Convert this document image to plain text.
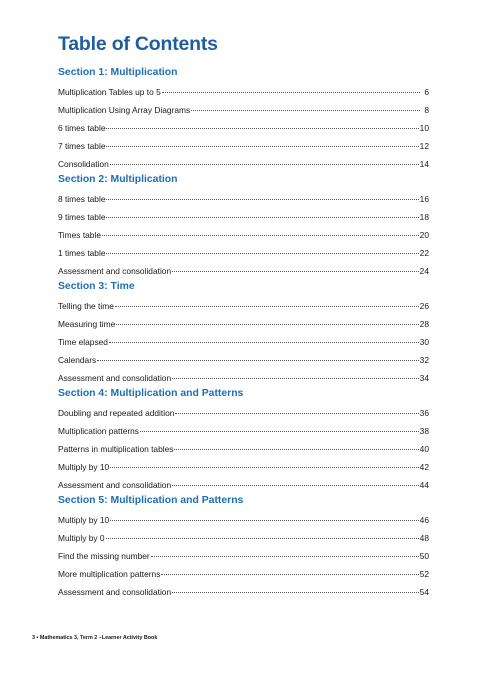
Table of Contents
Section 1: Multiplication
Multiplication Tables up to 5	6
Multiplication Using Array Diagrams	8
6 times table	10
7 times table	12
Consolidation	14
Section 2: Multiplication
8 times table	16
9 times table	18
Times table	20
1 times table	22
Assessment and consolidation	24
Section 3: Time
Telling the time	26
Measuring time	28
Time elapsed	30
Calendars	32
Assessment and consolidation	34
Section 4: Multiplication and Patterns
Doubling and repeated addition	36
Multiplication patterns	38
Patterns in multiplication tables	40
Multiply by 10	42
Assessment and consolidation	44
Section 5: Multiplication and Patterns
Multiply by 10	46
Multiply by 0	48
Find the missing number	50
More multiplication patterns	52
Assessment and consolidation	54
3 • Mathematics 3, Term 2 –Learner Activity Book
